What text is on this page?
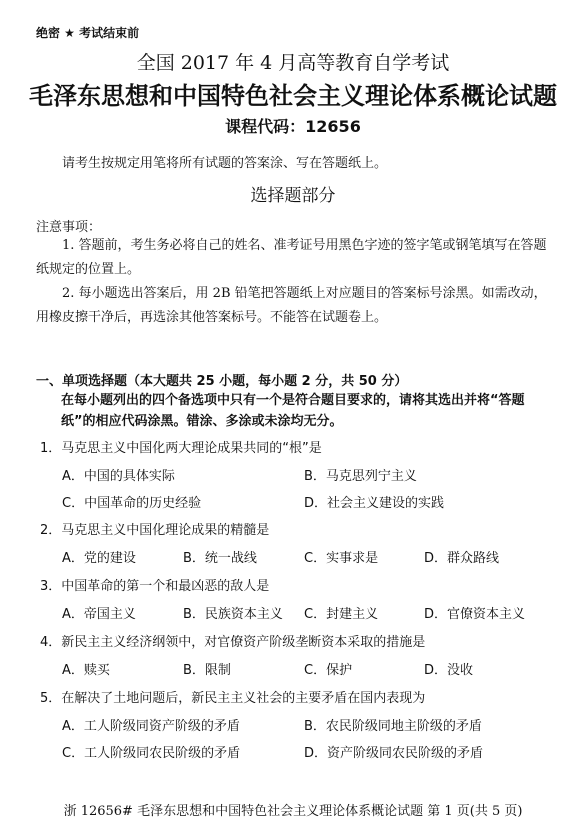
绝密 ★ 考试结束前
全国 2017 年 4 月高等教育自学考试
毛泽东思想和中国特色社会主义理论体系概论试题
课程代码：12656
请考生按规定用笔将所有试题的答案涂、写在答题纸上。
选择题部分
注意事项：
1. 答题前，考生务必将自己的姓名、准考证号用黑色字迹的签字笔或钢笔填写在答题纸规定的位置上。
2. 每小题选出答案后，用 2B 铅笔把答题纸上对应题目的答案标号涂黑。如需改动，用橡皮擦干净后，再选涂其他答案标号。不能答在试题卷上。
一、单项选择题（本大题共 25 小题，每小题 2 分，共 50 分）
在每小题列出的四个备选项中只有一个是符合题目要求的，请将其选出并将“答题纸”的相应代码涂黑。错涂、多涂或未涂均无分。
1．马克思主义中国化两大理论成果共同的“根”是
A．中国的具体实际	B．马克思列宁主义
C．中国革命的历史经验	D．社会主义建设的实践
2．马克思主义中国化理论成果的精髓是
A．党的建设	B．统一战线	C．实事求是	D．群众路线
3．中国革命的第一个和最凶恶的敌人是
A．帝国主义	B．民族资本主义 C．封建主义	D．官僚资本主义
4．新民主主义经济纲领中，对官僚资产阶级垄断资本采取的措施是
A．赎买	B．限制	C．保护	D．没收
5．在解决了土地问题后，新民主主义社会的主要矛盾在国内表现为
A．工人阶级同资产阶级的矛盾	B．农民阶级同地主阶级的矛盾
C．工人阶级同农民阶级的矛盾	D．资产阶级同农民阶级的矛盾
浙 12656# 毛泽东思想和中国特色社会主义理论体系概论试题 第 1 页(共 5 页)
